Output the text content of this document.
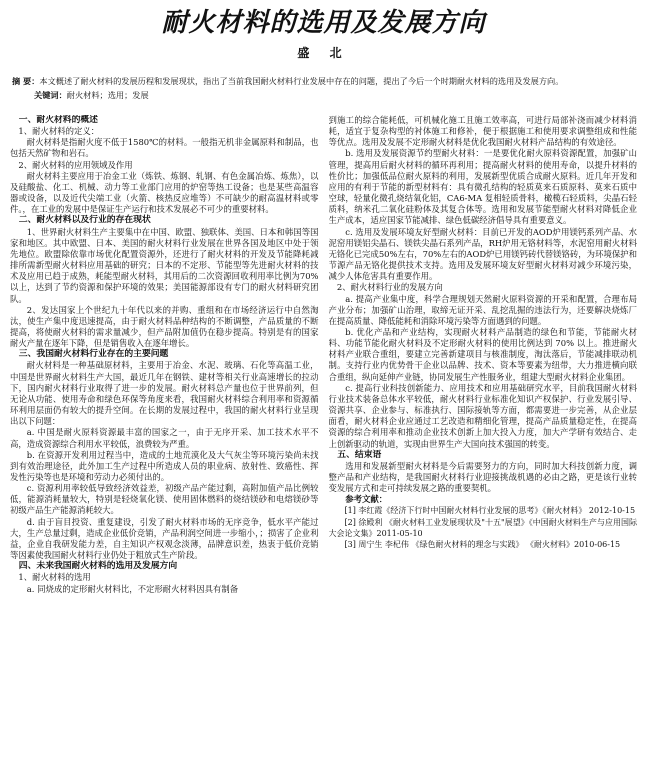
耐火材料的选用及发展方向
盛 北
摘 要：本文概述了耐火材料的发展历程和发展现状，指出了当前我国耐火材料行业发展中存在的问题，提出了今后一个时期耐火材料的选用及发展方向。
关键词：耐火材料；选用；发展

一、耐火材料的概述

1、耐火材料的定义：

耐火材料是指耐火度不低于1580℃的材料。一般指无机非金属原料和制品，也包括天然矿物和岩石。

2、耐火材料的应用领域及作用

耐火材料主要应用于冶金工业（炼铁、炼钢、轧钢、有色金属冶炼、炼焦），以及硅酸盐、化工、机械、动力等工业部门应用的炉窑等热工设备；也是某些高温容器或设备，以及近代尖端工业（火箭、核热反应堆等）不可缺少的耐高温材料或零件。，在工业的发展中是保证生产运行和技术发展必不可少的重要材料。

二、耐火材料以及行业的存在现状

1、世界耐火材料生产主要集中在中国、欧盟、独联体、美国、日本和韩国等国家和地区。其中欧盟、日本、美国的耐火材料行业发展在世界各国及地区中处于领先地位。欧盟除依靠市场优化配置资源外，还进行了耐火材料的开发及节能降耗减排所需新型耐火材料应用基础的研究；日本的不定形、节能型等先进耐火材料的技术及应用已趋于成熟，耗能型耐火材料，其用后的二次资源回收利用率比例为70%以上，达到了节约资源和保护环境的效果；美国能源部设有专门的耐火材料研究团队。

2、发达国家上个世纪九十年代以来的并购、重组和在市场经济运行中自然淘汰，使生产集中度迅速提高，由于耐火材料品种结构的不断调整，产品质量的不断提高，将使耐火材料的需求量减少，但产品附加值仍在稳步提高。特别是有的国家耐火产量在逐年下降，但是销售收入在逐年增长。

三、我国耐火材料行业存在的主要问题

耐火材料是一种基础原材料，主要用于冶金、水泥、玻璃、石化等高温工业，中国是世界耐火材料生产大国，最近几年在钢铁、建材等相关行业高速增长的拉动下，国内耐火材料行业取得了进一步的发展。耐火材料总产量也位于世界前列，但无论从功能、使用寿命和绿色环保等角度来看，我国耐火材料综合利用率和资源循环利用层面仍有较大的提升空间。在长期的发展过程中，我国的耐火材料行业呈现出以下问题：

a. 中国是耐火原料资源最丰富的国家之一，由于无序开采、加工技术水平不高，造成资源综合利用水平较低，浪费较为严重。

b. 在资源开发利用过程当中，造成的土地荒漠化及大气灰尘等环境污染尚未找到有效治理途径，此外加工生产过程中所造成人员的职业病、放射性、致癌性、挥发性污染等也是环境和劳动力必须付出的。

c. 资源利用率较低导致经济效益差，初级产品产能过剩，高附加值产品比例较低，能源消耗量较大，特别是轻烧氧化镁、使用固体燃料的烧结镁砂和电熔镁砂等初级产品生产能源消耗较大。

d. 由于盲目投资、重复建设，引发了耐火材料市场的无序竞争，低水平产能过大，生产总量过剩，造成企业低价竞销，产品利润空间进一步缩小，；损害了企业利益，企业自我研发能力差，自主知识产权观念淡薄，品牌意识差，热衷于低价竞销等因素使我国耐火材料行业仍处于粗放式生产阶段。

四、未来我国耐火材料的选用及发展方向

1、耐火材料的选用

a. 同烧成的定形耐火材料比，不定形耐火材料因具有制备

到施工的综合能耗低，可机械化施工且施工效率高，可进行局部补浇而减少材料消耗，适宜于复杂构型的衬体施工和修补，便于根据施工和使用要求调整组成和性能等优点。选用及发展不定形耐火材料是优化我国耐火材料产品结构的有效途径。

b. 选用及发展资源节约型耐火材料：一是要优化耐火原料资源配置，加强矿山管理，提高用后耐火材料的循环再利用；提高耐火材料的使用寿命，以提升材料的性价比；加强低品位耐火原料的利用，发展新型优质合成耐火原料。近几年开发和应用的有利于节能的新型材料有：具有微孔结构的轻质莫来石质原料、莫来石质中空球，轻量化微孔烧结氧化铝，CA6-MA 复相轻质骨料，橄榄石轻质料，尖晶石轻质料，纳米孔二氧化硅粉体及其复合体等。选用和发展节能型耐火材料对降低企业生产成本，适应国家节能减排、绿色低碳经济倡导具有重要意义。

c. 选用及发展环境友好型耐火材料：目前已开发的AOD炉用镁钙系列产品、水泥窑用镁铝尖晶石、镁铁尖晶石系列产品，RH炉用无铬材料等，水泥窑用耐火材料无铬化已完成50%左右，70%左右的AOD炉已用镁钙砖代替镁铬砖，为环境保护和节源产品无铬化提供技术支持。选用及发展环境友好型耐火材料对减少环境污染，减少人体危害具有重要作用。

2、耐火材料行业的发展方向

a. 提高产业集中度，科学合理规划天然耐火原料资源的开采和配置，合理布局产业分布；加强矿山治理，取缔无证开采、乱挖乱掘的违法行为，还要解决烧炼厂在提高质量、降低能耗和消除环境污染等方面遇到的问题。

b. 优化产品和产业结构，实现耐火材料产品制造的绿色和节能，节能耐火材料、功能节能化耐火材料及不定形耐火材料的使用比例达到 70% 以上。推进耐火材料产业联合重组，要建立完善新建项目与核准制度，淘汰落后，节能减排联动机制。支持行业内优势骨干企业以品牌、技术、资本等要素为纽带，大力推进横向联合重组，纵向延伸产业链，协同发展生产性服务业，组建大型耐火材料企业集团。

c. 提高行业科技创新能力、应用技术和应用基础研究水平，目前我国耐火材料行业技术装备总体水平较低，耐火材料行业标准化知识产权保护、行业发展引导、资源共享、企业参与、标准执行、国际接轨等方面，都需要进一步完善，从企业层面看，耐火材料企业应通过工艺改造和精细化管理，提高产品质量稳定性，在提高资源的综合利用率和推动企业技术创新上加大投入力度，加大产学研有效结合、走上创新驱动的轨道，实现由世界生产大国向技术强国的转变。

五、结束语

选用和发展新型耐火材料是今后需要努力的方向，同时加大科技创新力度，调整产品和产业结构，是我国耐火材料行业迎接挑战机遇的必由之路，更是该行业转变发展方式和走可持续发展之路的重要契机。

参考文献：

[1] 李红霞《经济下行时中国耐火材料行业发展的思考》《耐火材料》 2012-10-15

[2] 徐殿利 《耐火材料工业发展现状及"十五"展望》《中国耐火材料生产与应用国际大会论文集》2011-05-10

[3] 周宁生 李杞伟 《绿色耐火材料的理念与实践》 《耐火材料》2010-06-15
